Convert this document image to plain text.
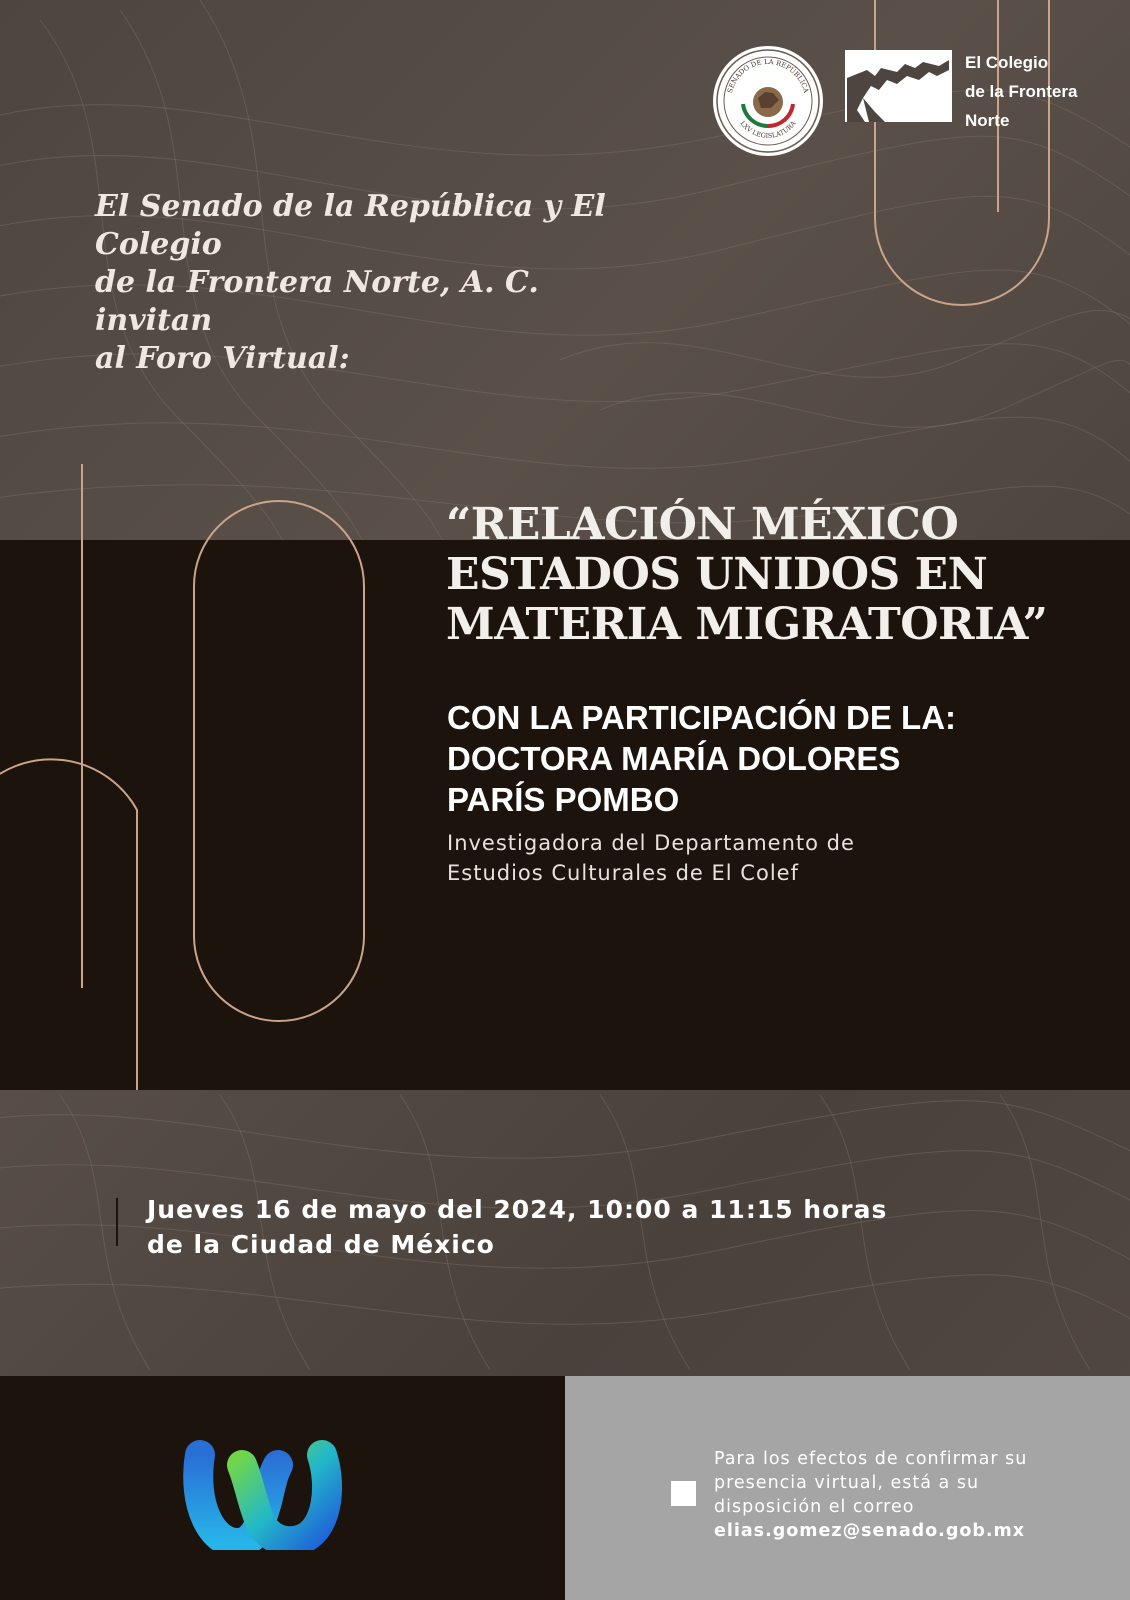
SENADO DE LA REPÚBLICA
LXV LEGISLATURA
El Colegio
de la Frontera
Norte

El Senado de la República y El Colegio
de la Frontera Norte, A. C. invitan
al Foro Virtual:

“RELACIÓN MÉXICO
ESTADOS UNIDOS EN
MATERIA MIGRATORIA”
CON LA PARTICIPACIÓN DE LA:
DOCTORA MARÍA DOLORES
PARÍS POMBO

Investigadora del Departamento de
Estudios Culturales de El Colef

Jueves 16 de mayo del 2024, 10:00 a 11:15 horas
de la Ciudad de México

Para los efectos de confirmar su
presencia virtual, está a su
disposición el correo
elias.gomez@senado.gob.mx
